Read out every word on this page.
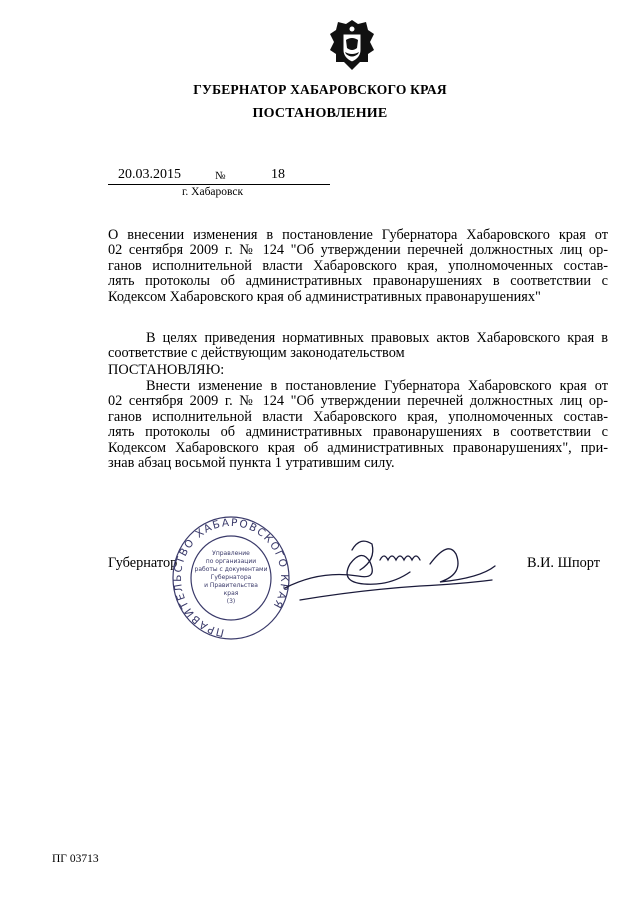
ГУБЕРНАТОР ХАБАРОВСКОГО КРАЯ
ПОСТАНОВЛЕНИЕ
20.03.2015	№	18
г. Хабаровск

О внесении изменения в постановление Губернатора Хабаровского края от
02 сентября 2009 г. № 124 "Об утверждении перечней должностных лиц ор-
ганов исполнительной власти Хабаровского края, уполномоченных состав-
лять протоколы об административных правонарушениях в соответствии с
Кодексом Хабаровского края об административных правонарушениях"

В целях приведения нормативных правовых актов Хабаровского края в
соответствие с действующим законодательством

ПОСТАНОВЛЯЮ:

Внести изменение в постановление Губернатора Хабаровского края от
02 сентября 2009 г. № 124 "Об утверждении перечней должностных лиц ор-
ганов исполнительной власти Хабаровского края, уполномоченных состав-
лять протоколы об административных правонарушениях в соответствии с
Кодексом Хабаровского края об административных правонарушениях", при-
знав абзац восьмой пункта 1 утратившим силу.

Губернатор	В.И. Шпорт
ПРАВИТЕЛЬСТВО ХАБАРОВСКОГО КРАЯ
Управление
по организации
работы с документами
Губернатора
и Правительства
края
(3)
ПГ 03713
